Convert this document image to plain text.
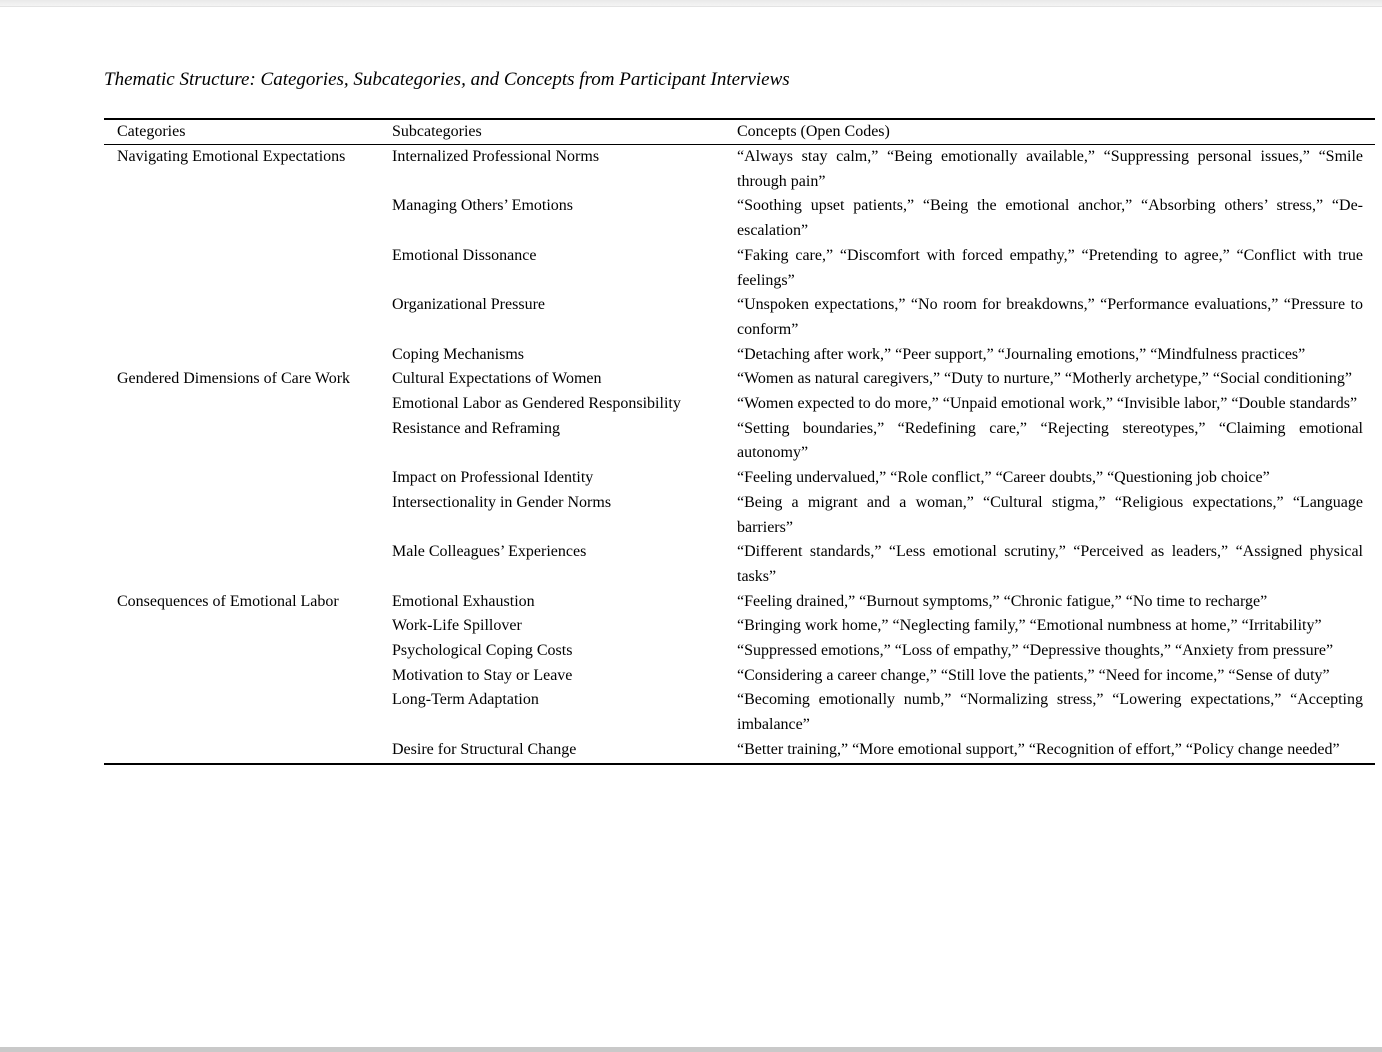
Thematic Structure: Categories, Subcategories, and Concepts from Participant Interviews

Categories	Subcategories	Concepts (Open Codes)
Navigating Emotional Expectations	Internalized Professional Norms	“Always stay calm,” “Being emotionally available,” “Suppressing personal issues,” “Smile through pain”
	Managing Others’ Emotions	“Soothing upset patients,” “Being the emotional anchor,” “Absorbing others’ stress,” “De-escalation”
	Emotional Dissonance	“Faking care,” “Discomfort with forced empathy,” “Pretending to agree,” “Conflict with true feelings”
	Organizational Pressure	“Unspoken expectations,” “No room for breakdowns,” “Performance evaluations,” “Pressure to conform”
	Coping Mechanisms	“Detaching after work,” “Peer support,” “Journaling emotions,” “Mindfulness practices”
Gendered Dimensions of Care Work	Cultural Expectations of Women	“Women as natural caregivers,” “Duty to nurture,” “Motherly archetype,” “Social conditioning”
	Emotional Labor as Gendered Responsibility	“Women expected to do more,” “Unpaid emotional work,” “Invisible labor,” “Double standards”
	Resistance and Reframing	“Setting boundaries,” “Redefining care,” “Rejecting stereotypes,” “Claiming emotional autonomy”
	Impact on Professional Identity	“Feeling undervalued,” “Role conflict,” “Career doubts,” “Questioning job choice”
	Intersectionality in Gender Norms	“Being a migrant and a woman,” “Cultural stigma,” “Religious expectations,” “Language barriers”
	Male Colleagues’ Experiences	“Different standards,” “Less emotional scrutiny,” “Perceived as leaders,” “Assigned physical tasks”
Consequences of Emotional Labor	Emotional Exhaustion	“Feeling drained,” “Burnout symptoms,” “Chronic fatigue,” “No time to recharge”
	Work-Life Spillover	“Bringing work home,” “Neglecting family,” “Emotional numbness at home,” “Irritability”
	Psychological Coping Costs	“Suppressed emotions,” “Loss of empathy,” “Depressive thoughts,” “Anxiety from pressure”
	Motivation to Stay or Leave	“Considering a career change,” “Still love the patients,” “Need for income,” “Sense of duty”
	Long-Term Adaptation	“Becoming emotionally numb,” “Normalizing stress,” “Lowering expectations,” “Accepting imbalance”
	Desire for Structural Change	“Better training,” “More emotional support,” “Recognition of effort,” “Policy change needed”
